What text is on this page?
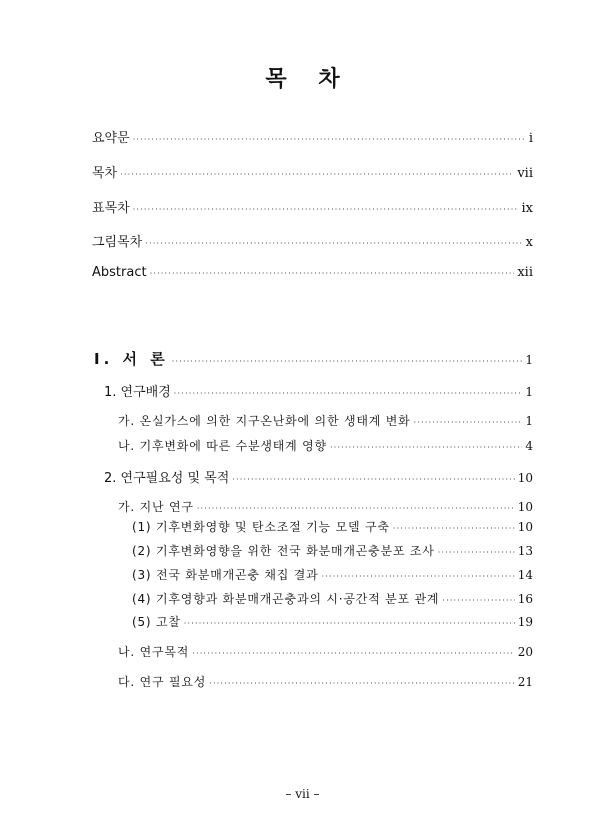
목 차
요약문 ·····	i
목차 ·····	vii
표목차 ·····	ix
그림목차 ·····	x
Abstract ·····	xii
Ⅰ. 서 론 ·····	1
1. 연구배경 ·····	1
가. 온실가스에 의한 지구온난화에 의한 생태계 변화 ·····	1
나. 기후변화에 따른 수분생태계 영향 ·····	4
2. 연구필요성 및 목적 ·····	10
가. 지난 연구 ·····	10
(1) 기후변화영향 및 탄소조절 기능 모델 구축 ·····	10
(2) 기후변화영향을 위한 전국 화분매개곤충분포 조사 ·····	13
(3) 전국 화분매개곤충 채집 결과 ·····	14
(4) 기후영향과 화분매개곤충과의 시·공간적 분포 관계 ·····	16
(5) 고찰 ·····	19
나. 연구목적 ·····	20
다. 연구 필요성 ·····	21
– vii –
